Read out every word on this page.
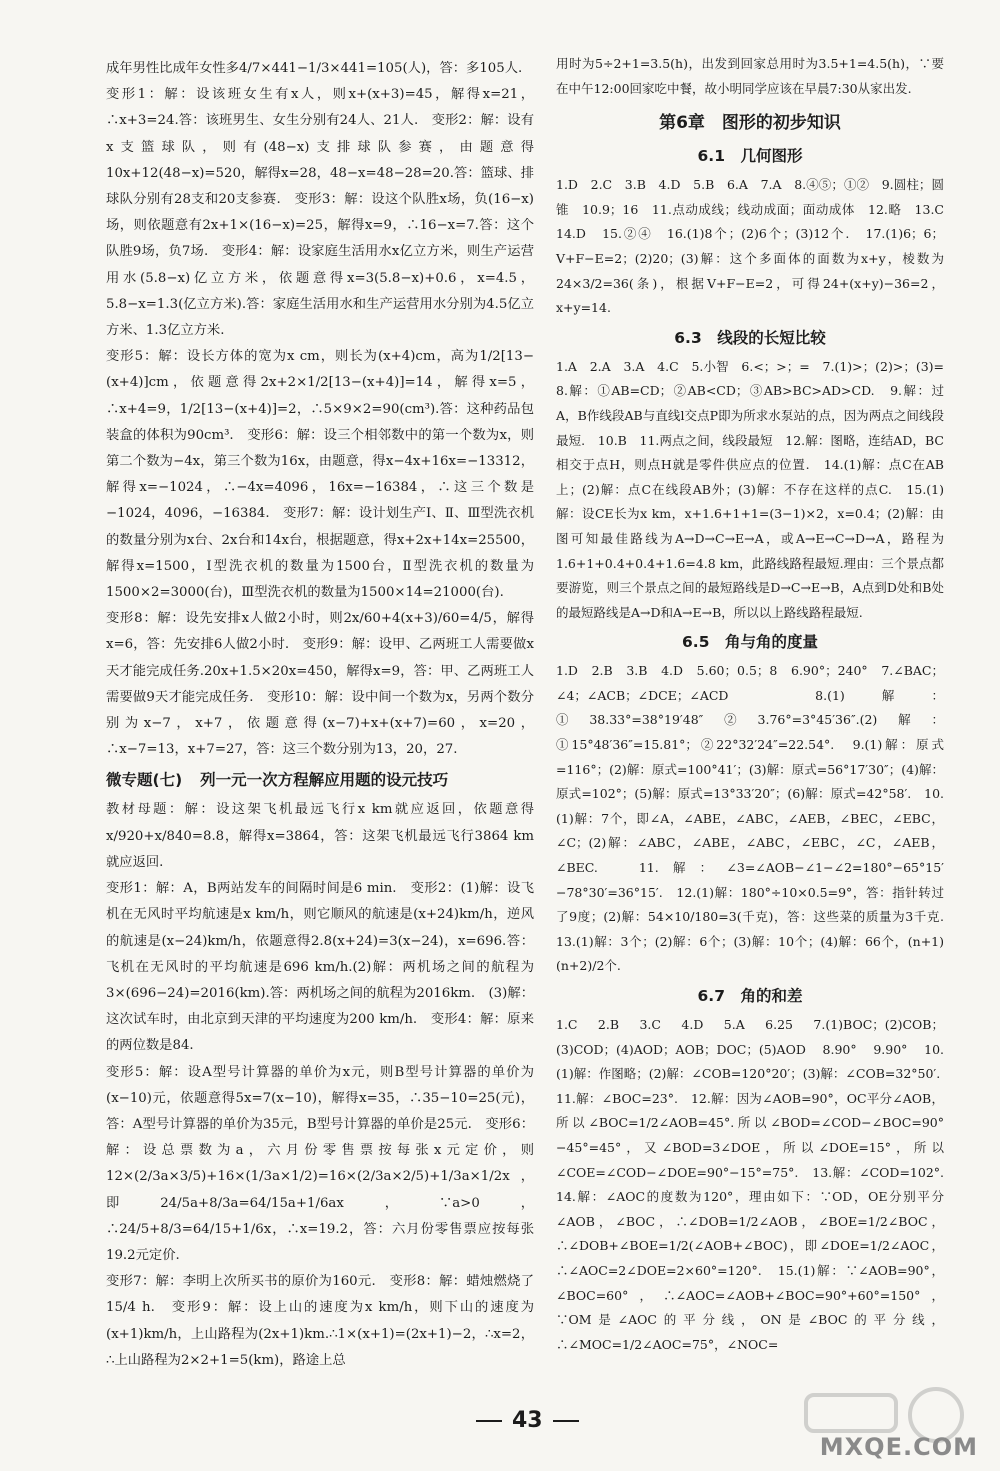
成年男性比成年女性多4/7×441−1/3×441=105(人)，答：多105人.

变形1：解：设该班女生有x人，则x+(x+3)=45，解得x=21，∴x+3=24.答：该班男生、女生分别有24人、21人.　变形2：解：设有x支篮球队，则有(48−x)支排球队参赛，由题意得10x+12(48−x)=520，解得x=28，48−x=48−28=20.答：篮球、排球队分别有28支和20支参赛.　变形3：解：设这个队胜x场，负(16−x)场，则依题意有2x+1×(16−x)=25，解得x=9，∴16−x=7.答：这个队胜9场，负7场.　变形4：解：设家庭生活用水x亿立方米，则生产运营用水(5.8−x)亿立方米，依题意得x=3(5.8−x)+0.6，x=4.5，5.8−x=1.3(亿立方米).答：家庭生活用水和生产运营用水分别为4.5亿立方米、1.3亿立方米.

变形5：解：设长方体的宽为x cm，则长为(x+4)cm，高为1/2[13−(x+4)]cm，依题意得2x+2×1/2[13−(x+4)]=14，解得x=5，∴x+4=9，1/2[13−(x+4)]=2，∴5×9×2=90(cm³).答：这种药品包装盒的体积为90cm³.　变形6：解：设三个相邻数中的第一个数为x，则第二个数为−4x，第三个数为16x，由题意，得x−4x+16x=−13312，解得x=−1024，∴−4x=4096，16x=−16384，∴这三个数是−1024，4096，−16384.　变形7：解：设计划生产Ⅰ、Ⅱ、Ⅲ型洗衣机的数量分别为x台、2x台和14x台，根据题意，得x+2x+14x=25500，解得x=1500，Ⅰ型洗衣机的数量为1500台，Ⅱ型洗衣机的数量为1500×2=3000(台)，Ⅲ型洗衣机的数量为1500×14=21000(台).

变形8：解：设先安排x人做2小时，则2x/60+4(x+3)/60=4/5，解得x=6，答：先安排6人做2小时.　变形9：解：设甲、乙两班工人需要做x天才能完成任务.20x+1.5×20x=450，解得x=9，答：甲、乙两班工人需要做9天才能完成任务.　变形10：解：设中间一个数为x，另两个数分别为x−7，x+7，依题意得(x−7)+x+(x+7)=60，x=20，∴x−7=13，x+7=27，答：这三个数分别为13，20，27.

微专题(七) 列一元一次方程解应用题的设元技巧

教材母题：解：设这架飞机最远飞行x km就应返回，依题意得x/920+x/840=8.8，解得x=3864，答：这架飞机最远飞行3864 km就应返回.

变形1：解：A，B两站发车的间隔时间是6 min.　变形2：(1)解：设飞机在无风时平均航速是x km/h，则它顺风的航速是(x+24)km/h，逆风的航速是(x−24)km/h，依题意得2.8(x+24)=3(x−24)，x=696.答：飞机在无风时的平均航速是696 km/h.(2)解：两机场之间的航程为3×(696−24)=2016(km).答：两机场之间的航程为2016km.　(3)解：这次试车时，由北京到天津的平均速度为200 km/h.　变形4：解：原来的两位数是84.

变形5：解：设A型号计算器的单价为x元，则B型号计算器的单价为(x−10)元，依题意得5x=7(x−10)，解得x=35，∴35−10=25(元)，答：A型号计算器的单价为35元，B型号计算器的单价是25元.　变形6：解：设总票数为a，六月份零售票按每张x元定价，则12×(2/3a×3/5)+16×(1/3a×1/2)=16×(2/3a×2/5)+1/3a×1/2x，即24/5a+8/3a=64/15a+1/6ax，∵a>0，∴24/5+8/3=64/15+1/6x，∴x=19.2，答：六月份零售票应按每张19.2元定价.

变形7：解：李明上次所买书的原价为160元.　变形8：解：蜡烛燃烧了15/4 h.　变形9：解：设上山的速度为x km/h，则下山的速度为(x+1)km/h，上山路程为(2x+1)km.∴1×(x+1)=(2x+1)−2，∴x=2，∴上山路程为2×2+1=5(km)，路途上总

用时为5÷2+1=3.5(h)，出发到回家总用时为3.5+1=4.5(h)，∵要在中午12:00回家吃中餐，故小明同学应该在早晨7:30从家出发.

第6章　图形的初步知识
6.1　几何图形

1.D　2.C　3.B　4.D　5.B　6.A　7.A　8.④⑤；①②　9.圆柱；圆锥　10.9；16　11.点动成线；线动成面；面动成体　12.略　13.C　14.D　15.②④　16.(1)8个；(2)6个；(3)12个.　17.(1)6；6；V+F−E=2；(2)20；(3)解：这个多面体的面数为x+y，棱数为24×3/2=36(条)，根据V+F−E=2，可得24+(x+y)−36=2，x+y=14.

6.3　线段的长短比较

1.A　2.A　3.A　4.C　5.小智　6.<；>；=　7.(1)>；(2)>；(3)=　8.解：①AB=CD；②AB<CD；③AB>BC>AD>CD.　9.解：过A，B作线段AB与直线l交点P即为所求水泵站的点，因为两点之间线段最短.　10.B　11.两点之间，线段最短　12.解：图略，连结AD，BC相交于点H，则点H就是零件供应点的位置.　14.(1)解：点C在AB上；(2)解：点C在线段AB外；(3)解：不存在这样的点C.　15.(1)解：设CE长为x km，x+1.6+1+1=(3−1)×2，x=0.4；(2)解：由图可知最佳路线为A→D→C→E→A，或A→E→C→D→A，路程为1.6+1+0.4+0.4+1.6=4.8 km，此路线路程最短.理由：三个景点都要游览，则三个景点之间的最短路线是D→C→E→B，A点到D处和B处的最短路线是A→D和A→E→B，所以以上路线路程最短.

6.5　角与角的度量

1.D　2.B　3.B　4.D　5.60；0.5；8　6.90°；240°　7.∠BAC；∠4；∠ACB；∠DCE；∠ACD　8.(1)解：①38.33°=38°19′48″②3.76°=3°45′36″.(2)解：①15°48′36″=15.81°；②22°32′24″=22.54°.　9.(1)解：原式=116°；(2)解：原式=100°41′；(3)解：原式=56°17′30″；(4)解：原式=102°；(5)解：原式=13°33′20″；(6)解：原式=42°58′.　10.(1)解：7个，即∠A，∠ABE，∠ABC，∠AEB，∠BEC，∠EBC，∠C；(2)解：∠ABC，∠ABE，∠ABC，∠EBC，∠C，∠AEB，∠BEC.　11.解：∠3=∠AOB−∠1−∠2=180°−65°15′−78°30′=36°15′.　12.(1)解：180°÷10×0.5=9°，答：指针转过了9度；(2)解：54×10/180=3(千克)，答：这些菜的质量为3千克.　13.(1)解：3个；(2)解：6个；(3)解：10个；(4)解：66个，(n+1)(n+2)/2个.

6.7　角的和差

1.C　2.B　3.C　4.D　5.A　6.25　7.(1)BOC；(2)COB；(3)COD；(4)AOD；AOB；DOC；(5)AOD　8.90°　9.90°　10.(1)解：作图略；(2)解：∠COB=120°20′；(3)解：∠COB=32°50′.

11.解：∠BOC=23°.　12.解：因为∠AOB=90°，OC平分∠AOB，所以∠BOC=1/2∠AOB=45°.所以∠BOD=∠COD−∠BOC=90°−45°=45°，又∠BOD=3∠DOE，所以∠DOE=15°，所以∠COE=∠COD−∠DOE=90°−15°=75°.　13.解：∠COD=102°.　14.解：∠AOC的度数为120°，理由如下：∵OD，OE分别平分∠AOB，∠BOC，∴∠DOB=1/2∠AOB，∠BOE=1/2∠BOC，∴∠DOB+∠BOE=1/2(∠AOB+∠BOC)，即∠DOE=1/2∠AOC，∴∠AOC=2∠DOE=2×60°=120°.　15.(1)解：∵∠AOB=90°，∠BOC=60°，∴∠AOC=∠AOB+∠BOC=90°+60°=150°，∵OM是∠AOC的平分线，ON是∠BOC的平分线，∴∠MOC=1/2∠AOC=75°，∠NOC=

43
MXQE.COM
